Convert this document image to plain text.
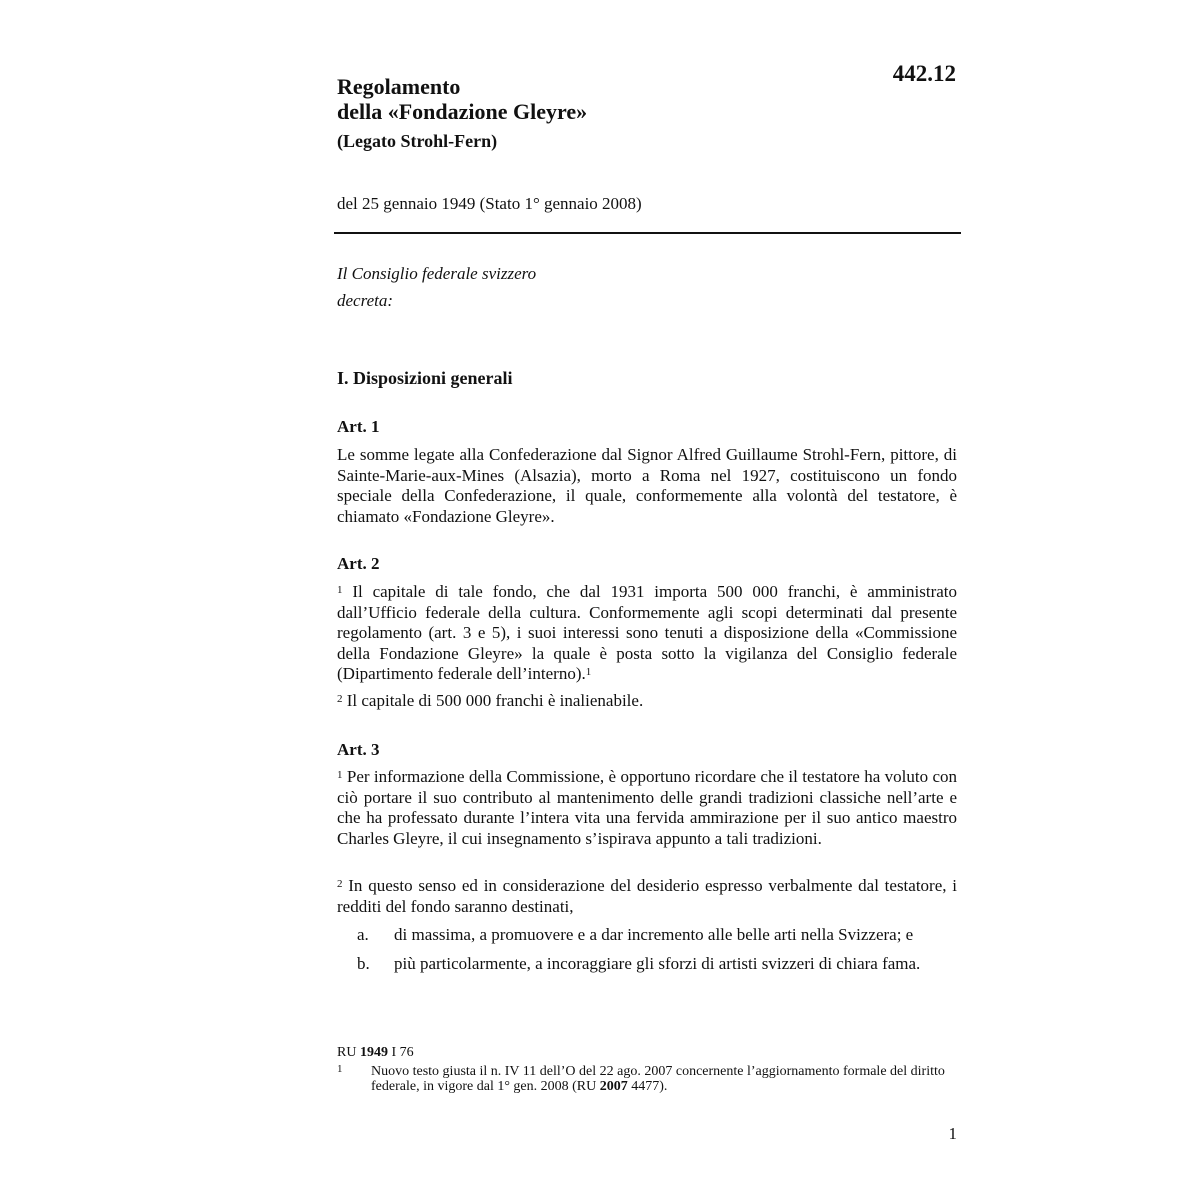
442.12
Regolamento
della «Fondazione Gleyre»
(Legato Strohl-Fern)
del 25 gennaio 1949 (Stato 1° gennaio 2008)
Il Consiglio federale svizzero
decreta:
I. Disposizioni generali
Art. 1
Le somme legate alla Confederazione dal Signor Alfred Guillaume Strohl-Fern, pittore, di Sainte-Marie-aux-Mines (Alsazia), morto a Roma nel 1927, costituiscono un fondo speciale della Confederazione, il quale, conformemente alla volontà del testatore, è chiamato «Fondazione Gleyre».
Art. 2
$^1$ Il capitale di tale fondo, che dal 1931 importa 500 000 franchi, è amministrato dall’Ufficio federale della cultura. Conformemente agli scopi determinati dal presente regolamento (art. 3 e 5), i suoi interessi sono tenuti a disposizione della «Commissione della Fondazione Gleyre» la quale è posta sotto la vigilanza del Consiglio federale (Dipartimento federale dell’interno).$^1$
$^2$ Il capitale di 500 000 franchi è inalienabile.
Art. 3
$^1$ Per informazione della Commissione, è opportuno ricordare che il testatore ha voluto con ciò portare il suo contributo al mantenimento delle grandi tradizioni classiche nell’arte e che ha professato durante l’intera vita una fervida ammirazione per il suo antico maestro Charles Gleyre, il cui insegnamento s’ispirava appunto a tali tradizioni.
$^2$ In questo senso ed in considerazione del desiderio espresso verbalmente dal testatore, i redditi del fondo saranno destinati,
a. di massima, a promuovere e a dar incremento alle belle arti nella Svizzera; e
b. più particolarmente, a incoraggiare gli sforzi di artisti svizzeri di chiara fama.
RU 1949 I 76
1 Nuovo testo giusta il n. IV 11 dell’O del 22 ago. 2007 concernente l’aggiornamento formale del diritto federale, in vigore dal 1° gen. 2008 (RU 2007 4477).
1
